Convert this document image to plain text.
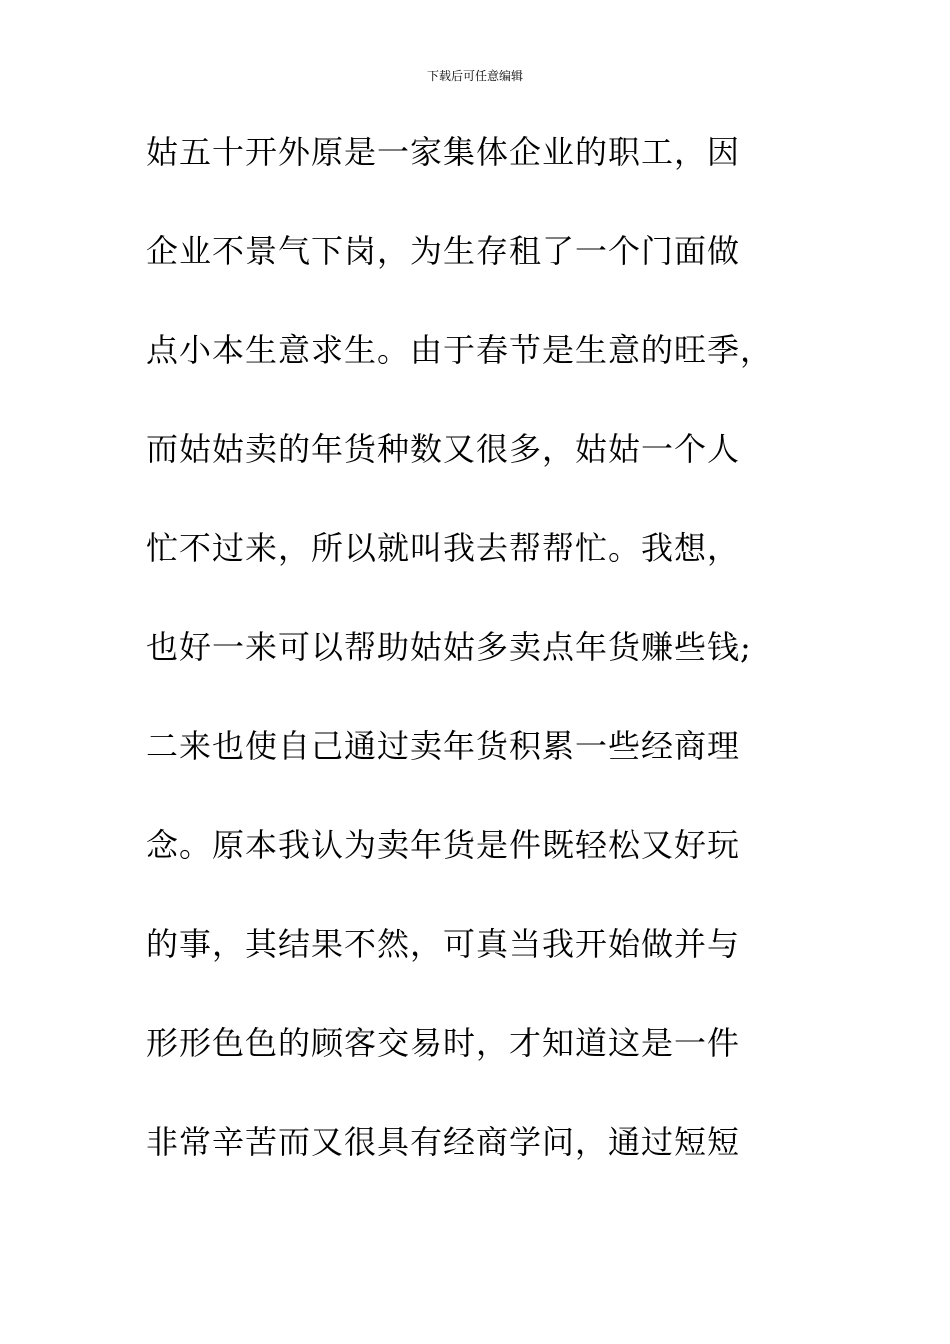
下载后可任意编辑
姑五十开外原是一家集体企业的职工，因
企业不景气下岗，为生存租了一个门面做
点小本生意求生。由于春节是生意的旺季，
而姑姑卖的年货种数又很多，姑姑一个人
忙不过来，所以就叫我去帮帮忙。我想，
也好一来可以帮助姑姑多卖点年货赚些钱;
二来也使自己通过卖年货积累一些经商理
念。原本我认为卖年货是件既轻松又好玩
的事，其结果不然，可真当我开始做并与
形形色色的顾客交易时，才知道这是一件
非常辛苦而又很具有经商学问，通过短短
